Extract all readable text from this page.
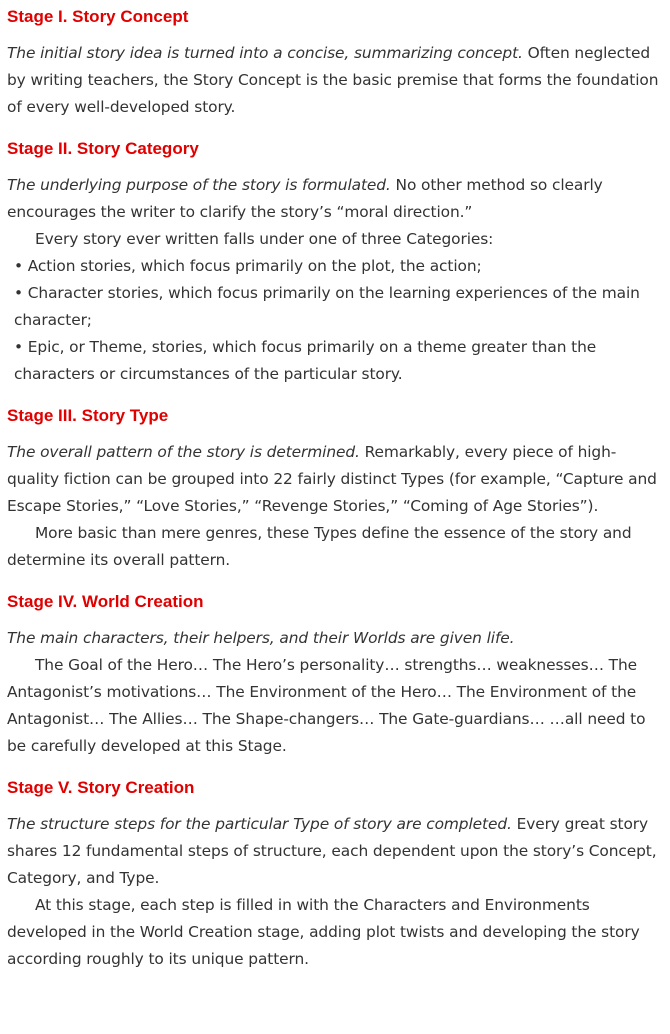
Stage I. Story Concept

The initial story idea is turned into a concise, summarizing concept. Often neglected by writing teachers, the Story Concept is the basic premise that forms the foundation of every well-developed story.

Stage II. Story Category

The underlying purpose of the story is formulated. No other method so clearly encourages the writer to clarify the story’s “moral direction.”

Every story ever written falls under one of three Categories:

• Action stories, which focus primarily on the plot, the action;

• Character stories, which focus primarily on the learning experiences of the main character;

• Epic, or Theme, stories, which focus primarily on a theme greater than the characters or circumstances of the particular story.

Stage III. Story Type

The overall pattern of the story is determined. Remarkably, every piece of high-quality fiction can be grouped into 22 fairly distinct Types (for example, “Capture and Escape Stories,” “Love Stories,” “Revenge Stories,” “Coming of Age Stories”).

More basic than mere genres, these Types define the essence of the story and determine its overall pattern.

Stage IV. World Creation

The main characters, their helpers, and their Worlds are given life.

The Goal of the Hero… The Hero’s personality… strengths… weaknesses… The Antagonist’s motivations… The Environment of the Hero… The Environment of the Antagonist… The Allies… The Shape-changers… The Gate-guardians… …all need to be carefully developed at this Stage.

Stage V. Story Creation

The structure steps for the particular Type of story are completed. Every great story shares 12 fundamental steps of structure, each dependent upon the story’s Concept, Category, and Type.

At this stage, each step is filled in with the Characters and Environments developed in the World Creation stage, adding plot twists and developing the story according roughly to its unique pattern.
